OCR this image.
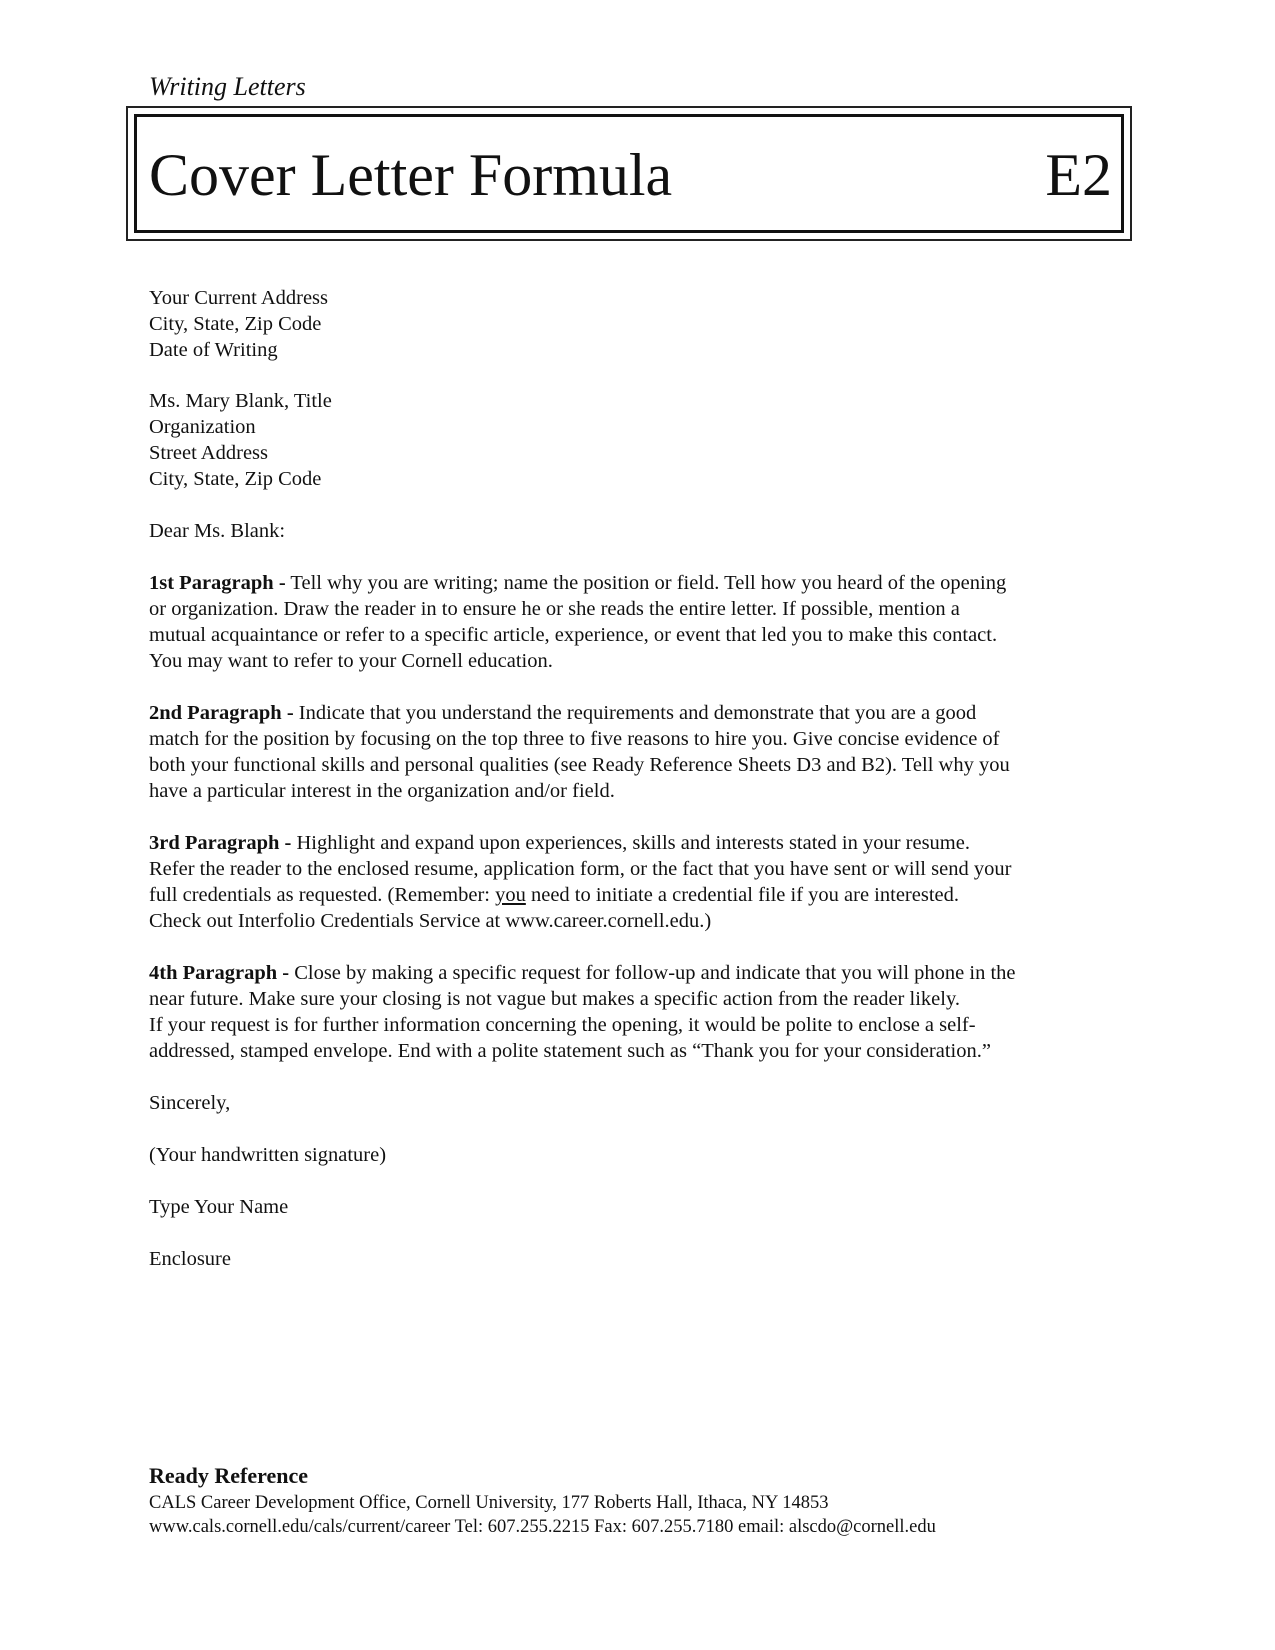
Writing Letters
Cover Letter Formula	E2
Your Current Address
City, State, Zip Code
Date of Writing
Ms. Mary Blank, Title
Organization
Street Address
City, State, Zip Code
Dear Ms. Blank:
1st Paragraph - Tell why you are writing; name the position or field. Tell how you heard of the opening
or organization. Draw the reader in to ensure he or she reads the entire letter. If possible, mention a
mutual acquaintance or refer to a specific article, experience, or event that led you to make this contact.
You may want to refer to your Cornell education.
2nd Paragraph - Indicate that you understand the requirements and demonstrate that you are a good
match for the position by focusing on the top three to five reasons to hire you. Give concise evidence of
both your functional skills and personal qualities (see Ready Reference Sheets D3 and B2). Tell why you
have a particular interest in the organization and/or field.
3rd Paragraph - Highlight and expand upon experiences, skills and interests stated in your resume.
Refer the reader to the enclosed resume, application form, or the fact that you have sent or will send your
full credentials as requested. (Remember: you need to initiate a credential file if you are interested.
Check out Interfolio Credentials Service at www.career.cornell.edu.)
4th Paragraph - Close by making a specific request for follow-up and indicate that you will phone in the
near future. Make sure your closing is not vague but makes a specific action from the reader likely.
If your request is for further information concerning the opening, it would be polite to enclose a self-
addressed, stamped envelope. End with a polite statement such as “Thank you for your consideration.”
Sincerely,
(Your handwritten signature)
Type Your Name
Enclosure
Ready Reference
CALS Career Development Office, Cornell University, 177 Roberts Hall, Ithaca, NY 14853
www.cals.cornell.edu/cals/current/career Tel: 607.255.2215 Fax: 607.255.7180 email: alscdo@cornell.edu
